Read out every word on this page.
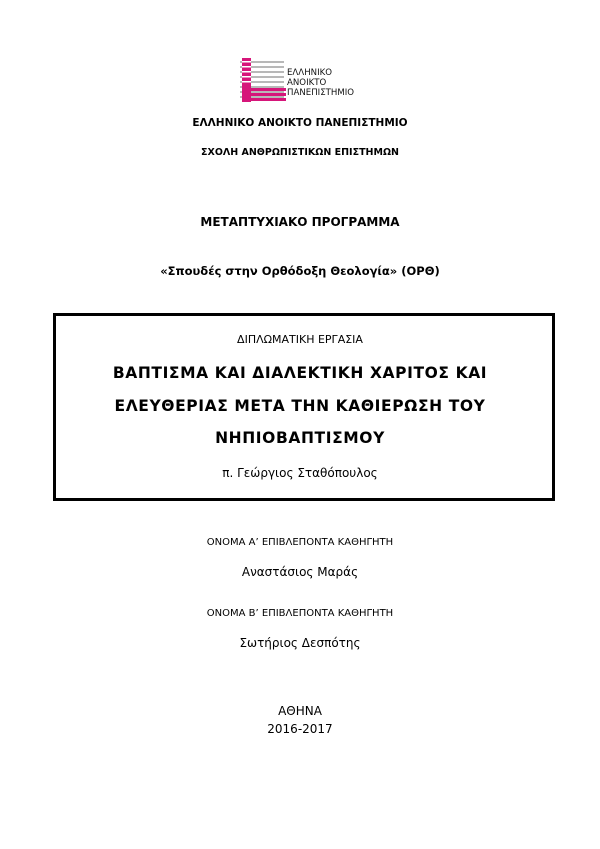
ΕΛΛΗΝΙΚΟ
ΑΝΟΙΚΤΟ
ΠΑΝΕΠΙΣΤΗΜΙΟ
ΕΛΛΗΝΙΚΟ ΑΝΟΙΚΤΟ ΠΑΝΕΠΙΣΤΗΜΙΟ
ΣΧΟΛΗ ΑΝΘΡΩΠΙΣΤΙΚΩΝ ΕΠΙΣΤΗΜΩΝ
ΜΕΤΑΠΤΥΧΙΑΚΟ ΠΡΟΓΡΑΜΜΑ
«Σπουδές στην Ορθόδοξη Θεολογία» (ΟΡΘ)
ΔΙΠΛΩΜΑΤΙΚΗ ΕΡΓΑΣΙΑ
ΒΑΠΤΙΣΜΑ ΚΑΙ ΔΙΑΛΕΚΤΙΚΗ ΧΑΡΙΤΟΣ ΚΑΙ
ΕΛΕΥΘΕΡΙΑΣ ΜΕΤΑ ΤΗΝ ΚΑΘΙΕΡΩΣΗ ΤΟΥ
ΝΗΠΙΟΒΑΠΤΙΣΜΟΥ
π. Γεώργιος Σταθόπουλος
ΟΝΟΜΑ Α’ ΕΠΙΒΛΕΠΟΝΤΑ ΚΑΘΗΓΗΤΗ
Αναστάσιος Μαράς
ΟΝΟΜΑ Β’ ΕΠΙΒΛΕΠΟΝΤΑ ΚΑΘΗΓΗΤΗ
Σωτήριος Δεσπότης
ΑΘΗΝΑ
2016-2017
